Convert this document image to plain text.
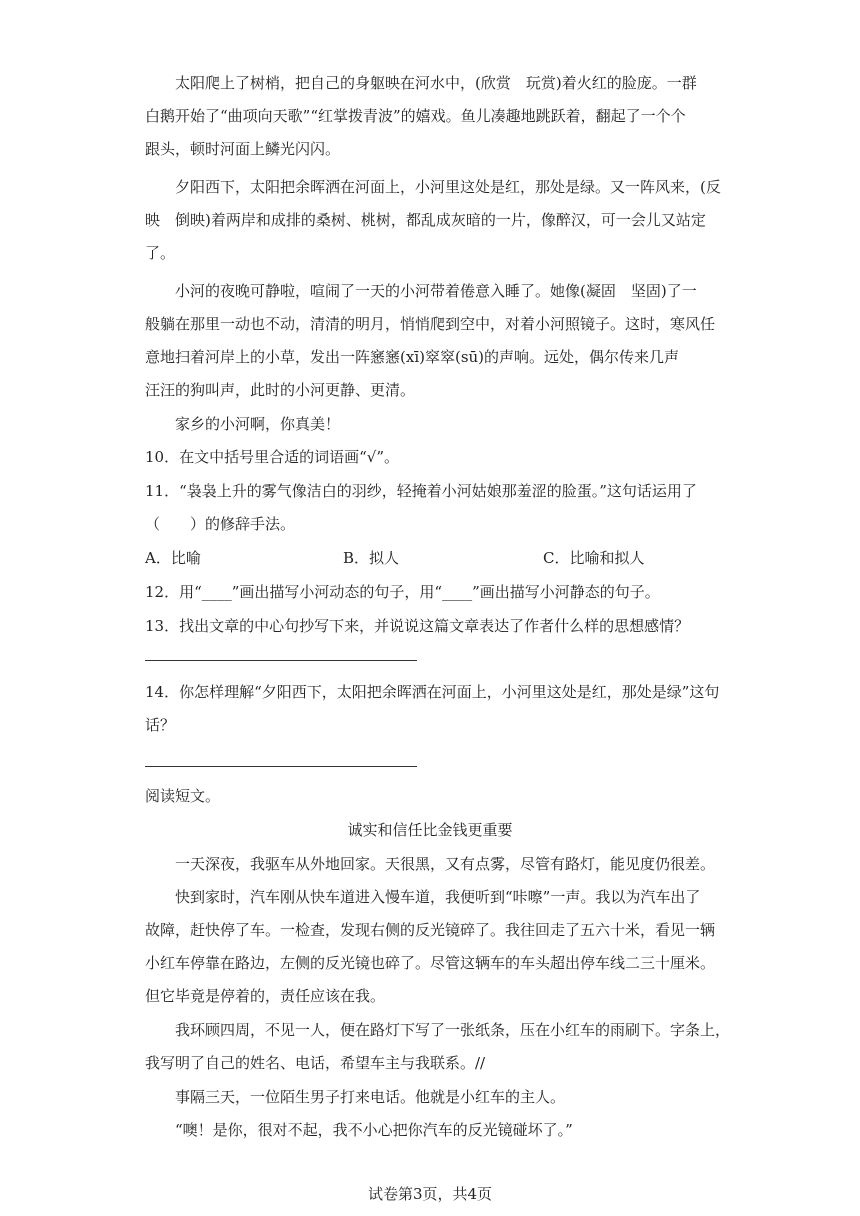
太阳爬上了树梢，把自己的身躯映在河水中，(欣赏　玩赏)着火红的脸庞。一群
白鹅开始了“曲项向天歌”“红掌拨青波”的嬉戏。鱼儿凑趣地跳跃着，翻起了一个个
跟头，顿时河面上鳞光闪闪。
夕阳西下，太阳把余晖洒在河面上，小河里这处是红，那处是绿。又一阵风来，(反
映　倒映)着两岸和成排的桑树、桃树，都乱成灰暗的一片，像醉汉，可一会儿又站定
了。
小河的夜晚可静啦，喧闹了一天的小河带着倦意入睡了。她像(凝固　坚固)了一
般躺在那里一动也不动，清清的明月，悄悄爬到空中，对着小河照镜子。这时，寒风任
意地扫着河岸上的小草，发出一阵窸窸(xī)窣窣(sū)的声响。远处，偶尔传来几声
汪汪的狗叫声，此时的小河更静、更清。
家乡的小河啊，你真美！
10．在文中括号里合适的词语画“√”。
11．“袅袅上升的雾气像洁白的羽纱，轻掩着小河姑娘那羞涩的脸蛋。”这句话运用了
（　　）的修辞手法。
A．比喻	B．拟人	C．比喻和拟人
12．用“____”画出描写小河动态的句子，用“____”画出描写小河静态的句子。
13．找出文章的中心句抄写下来，并说说这篇文章表达了作者什么样的思想感情？
14．你怎样理解“夕阳西下，太阳把余晖洒在河面上，小河里这处是红，那处是绿”这句
话？
阅读短文。
诚实和信任比金钱更重要
一天深夜，我驱车从外地回家。天很黑，又有点雾，尽管有路灯，能见度仍很差。
快到家时，汽车刚从快车道进入慢车道，我便听到“咔嚓”一声。我以为汽车出了
故障，赶快停了车。一检查，发现右侧的反光镜碎了。我往回走了五六十米，看见一辆
小红车停靠在路边，左侧的反光镜也碎了。尽管这辆车的车头超出停车线二三十厘米。
但它毕竟是停着的，责任应该在我。
我环顾四周，不见一人，便在路灯下写了一张纸条，压在小红车的雨刷下。字条上，
我写明了自己的姓名、电话，希望车主与我联系。//
事隔三天，一位陌生男子打来电话。他就是小红车的主人。
“噢！是你，很对不起，我不小心把你汽车的反光镜碰坏了。”
试卷第3页，共4页
